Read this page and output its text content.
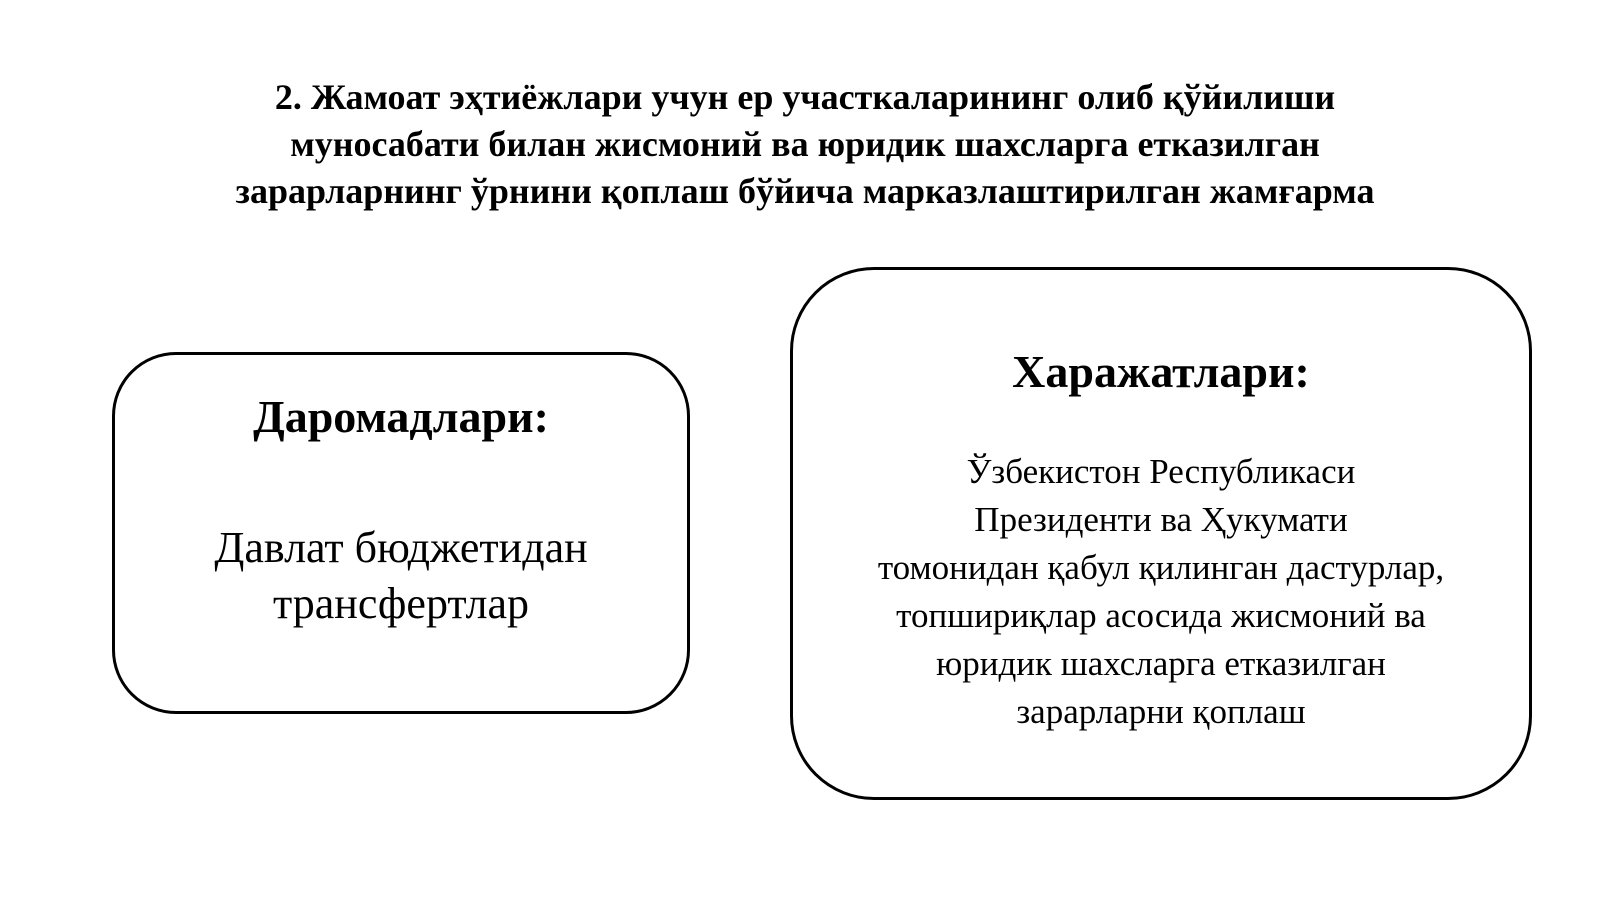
2. Жамоат эҳтиёжлари учун ер участкаларининг олиб қўйилиши
муносабати билан жисмоний ва юридик шахсларга етказилган
зарарларнинг ўрнини қоплаш бўйича марказлаштирилган жамғарма
Даромадлари:

Давлат бюджетидан
трансфертлар

Харажатлари:

Ўзбекистон Республикаси
Президенти ва Ҳукумати
томонидан қабул қилинган дастурлар,
топшириқлар асосида жисмоний ва
юридик шахсларга етказилган
зарарларни қоплаш
